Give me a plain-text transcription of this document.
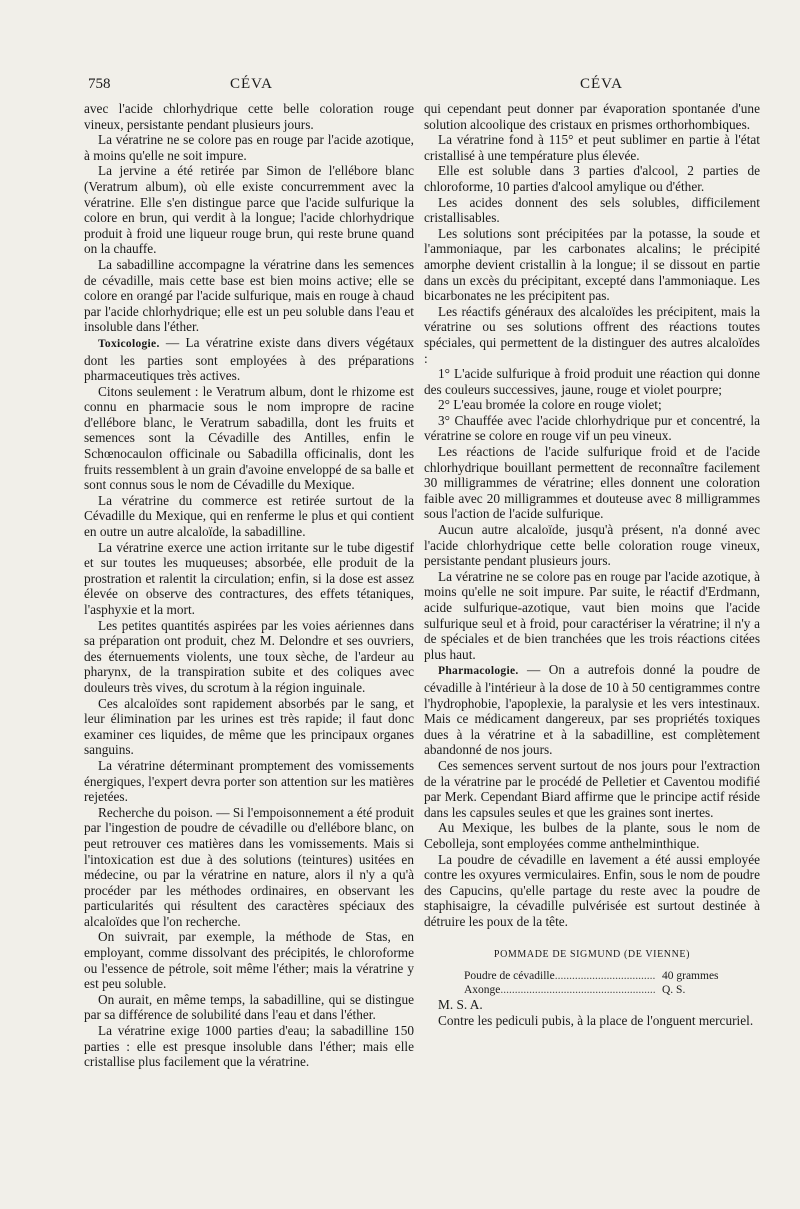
758	CÉVA	CÉVA

avec l'acide chlorhydrique cette belle coloration rouge vineux, persistante pendant plusieurs jours.

La vératrine ne se colore pas en rouge par l'acide azotique, à moins qu'elle ne soit impure.

La jervine a été retirée par Simon de l'ellébore blanc (Veratrum album), où elle existe concurremment avec la vératrine. Elle s'en distingue parce que l'acide sulfurique la colore en brun, qui verdit à la longue; l'acide chlorhydrique produit à froid une liqueur rouge brun, qui reste brune quand on la chauffe.

La sabadilline accompagne la vératrine dans les semences de cévadille, mais cette base est bien moins active; elle se colore en orangé par l'acide sulfurique, mais en rouge à chaud par l'acide chlorhydrique; elle est un peu soluble dans l'eau et insoluble dans l'éther.

Toxicologie. — La vératrine existe dans divers végétaux dont les parties sont employées à des préparations pharmaceutiques très actives.

Citons seulement : le Veratrum album, dont le rhizome est connu en pharmacie sous le nom impropre de racine d'ellébore blanc, le Veratrum sabadilla, dont les fruits et semences sont la Cévadille des Antilles, enfin le Schœnocaulon officinale ou Sabadilla officinalis, dont les fruits ressemblent à un grain d'avoine enveloppé de sa balle et sont connus sous le nom de Cévadille du Mexique.

La vératrine du commerce est retirée surtout de la Cévadille du Mexique, qui en renferme le plus et qui contient en outre un autre alcaloïde, la sabadilline.

La vératrine exerce une action irritante sur le tube digestif et sur toutes les muqueuses; absorbée, elle produit de la prostration et ralentit la circulation; enfin, si la dose est assez élevée on observe des contractures, des effets tétaniques, l'asphyxie et la mort.

Les petites quantités aspirées par les voies aériennes dans sa préparation ont produit, chez M. Delondre et ses ouvriers, des éternuements violents, une toux sèche, de l'ardeur au pharynx, de la transpiration subite et des coliques avec douleurs très vives, du scrotum à la région inguinale.

Ces alcaloïdes sont rapidement absorbés par le sang, et leur élimination par les urines est très rapide; il faut donc examiner ces liquides, de même que les principaux organes sanguins.

La vératrine déterminant promptement des vomissements énergiques, l'expert devra porter son attention sur les matières rejetées.

Recherche du poison. — Si l'empoisonnement a été produit par l'ingestion de poudre de cévadille ou d'ellébore blanc, on peut retrouver ces matières dans les vomissements. Mais si l'intoxication est due à des solutions (teintures) usitées en médecine, ou par la vératrine en nature, alors il n'y a qu'à procéder par les méthodes ordinaires, en observant les particularités qui résultent des caractères spéciaux des alcaloïdes que l'on recherche.

On suivrait, par exemple, la méthode de Stas, en employant, comme dissolvant des précipités, le chloroforme ou l'essence de pétrole, soit même l'éther; mais la vératrine y est peu soluble.

On aurait, en même temps, la sabadilline, qui se distingue par sa différence de solubilité dans l'eau et dans l'éther.

La vératrine exige 1000 parties d'eau; la sabadilline 150 parties : elle est presque insoluble dans l'éther; mais elle cristallise plus facilement que la vératrine.

qui cependant peut donner par évaporation spontanée d'une solution alcoolique des cristaux en prismes orthorhombiques.

La vératrine fond à 115° et peut sublimer en partie à l'état cristallisé à une température plus élevée.

Elle est soluble dans 3 parties d'alcool, 2 parties de chloroforme, 10 parties d'alcool amylique ou d'éther.

Les acides donnent des sels solubles, difficilement cristallisables.

Les solutions sont précipitées par la potasse, la soude et l'ammoniaque, par les carbonates alcalins; le précipité amorphe devient cristallin à la longue; il se dissout en partie dans un excès du précipitant, excepté dans l'ammoniaque. Les bicarbonates ne les précipitent pas.

Les réactifs généraux des alcaloïdes les précipitent, mais la vératrine ou ses solutions offrent des réactions toutes spéciales, qui permettent de la distinguer des autres alcaloïdes :

1° L'acide sulfurique à froid produit une réaction qui donne des couleurs successives, jaune, rouge et violet pourpre;

2° L'eau bromée la colore en rouge violet;

3° Chauffée avec l'acide chlorhydrique pur et concentré, la vératrine se colore en rouge vif un peu vineux.

Les réactions de l'acide sulfurique froid et de l'acide chlorhydrique bouillant permettent de reconnaître facilement 30 milligrammes de vératrine; elles donnent une coloration faible avec 20 milligrammes et douteuse avec 8 milligrammes sous l'action de l'acide sulfurique.

Aucun autre alcaloïde, jusqu'à présent, n'a donné avec l'acide chlorhydrique cette belle coloration rouge vineux, persistante pendant plusieurs jours.

La vératrine ne se colore pas en rouge par l'acide azotique, à moins qu'elle ne soit impure. Par suite, le réactif d'Erdmann, acide sulfurique-azotique, vaut bien moins que l'acide sulfurique seul et à froid, pour caractériser la vératrine; il n'y a de spéciales et de bien tranchées que les trois réactions citées plus haut.

Pharmacologie. — On a autrefois donné la poudre de cévadille à l'intérieur à la dose de 10 à 50 centigrammes contre l'hydrophobie, l'apoplexie, la paralysie et les vers intestinaux. Mais ce médicament dangereux, par ses propriétés toxiques dues à la vératrine et à la sabadilline, est complètement abandonné de nos jours.

Ces semences servent surtout de nos jours pour l'extraction de la vératrine par le procédé de Pelletier et Caventou modifié par Merk. Cependant Biard affirme que le principe actif réside dans les capsules seules et que les graines sont inertes.

Au Mexique, les bulbes de la plante, sous le nom de Cebolleja, sont employées comme anthelminthique.

La poudre de cévadille en lavement a été aussi employée contre les oxyures vermiculaires. Enfin, sous le nom de poudre des Capucins, qu'elle partage du reste avec la poudre de staphisaigre, la cévadille pulvérisée est surtout destinée à détruire les poux de la tête.

POMMADE DE SIGMUND (DE VIENNE)
Poudre de cévadille .....	40 grammes
Axonge .....	Q. S.

M. S. A.

Contre les pediculi pubis, à la place de l'onguent mercuriel.
